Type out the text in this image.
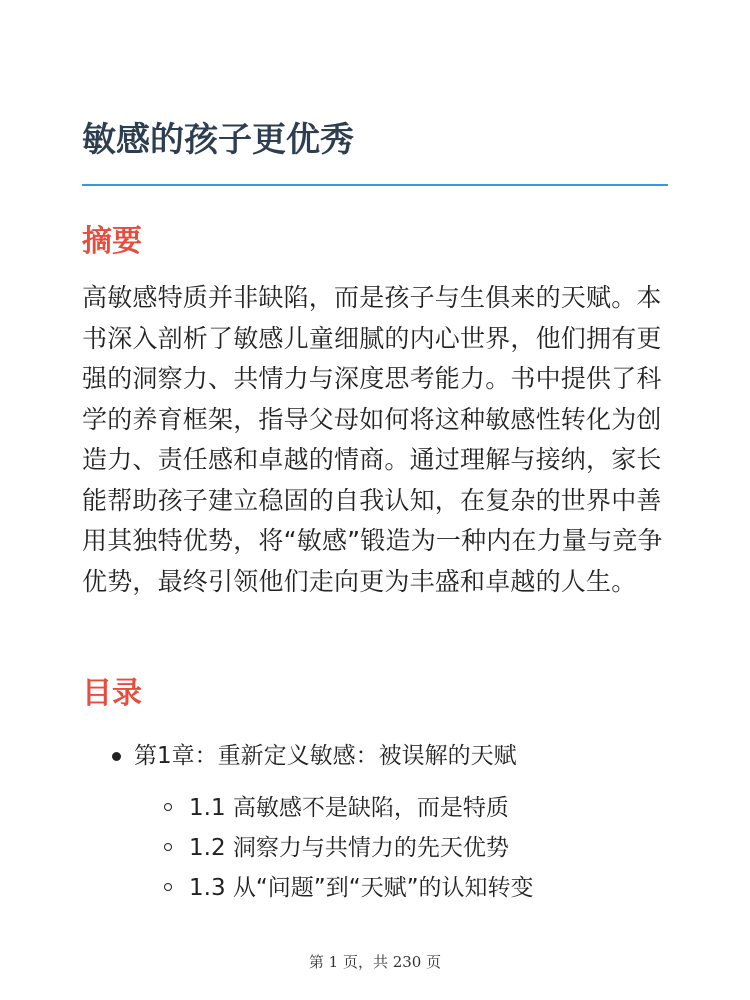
敏感的孩子更优秀
摘要

高敏感特质并非缺陷，而是孩子与生俱来的天赋。本书深入剖析了敏感儿童细腻的内心世界，他们拥有更强的洞察力、共情力与深度思考能力。书中提供了科学的养育框架，指导父母如何将这种敏感性转化为创造力、责任感和卓越的情商。通过理解与接纳，家长能帮助孩子建立稳固的自我认知，在复杂的世界中善用其独特优势，将“敏感”锻造为一种内在力量与竞争优势，最终引领他们走向更为丰盛和卓越的人生。

目录
第1章：重新定义敏感：被误解的天赋
1.1 高敏感不是缺陷，而是特质
1.2 洞察力与共情力的先天优势
1.3 从“问题”到“天赋”的认知转变
第 1 页，共 230 页
